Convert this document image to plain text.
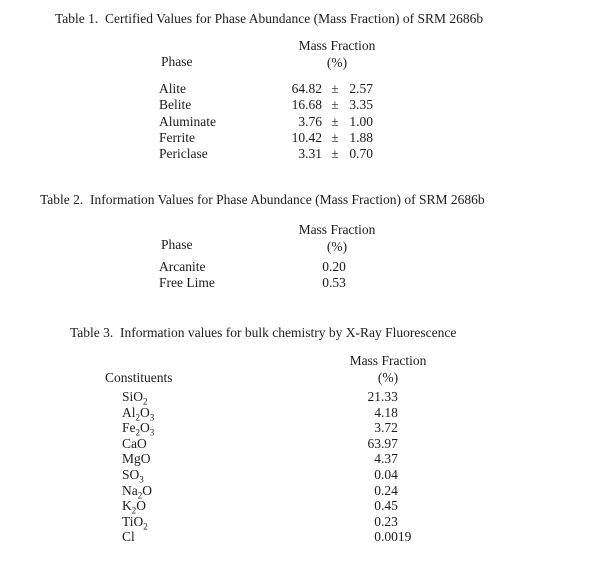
Table 1.  Certified Values for Phase Abundance (Mass Fraction) of SRM 2686b
Mass Fraction
(%)
Phase
Alite
Belite
Aluminate
Ferrite
Periclase
64.82 ± 2.57
16.68 ± 3.35
3.76 ± 1.00
10.42 ± 1.88
3.31 ± 0.70
Table 2.  Information Values for Phase Abundance (Mass Fraction) of SRM 2686b
Mass Fraction
(%)
Phase
Arcanite
Free Lime
0.20
0.53
Table 3.  Information values for bulk chemistry by X-Ray Fluorescence
Mass Fraction
(%)
Constituents
SiO$_2$
$Al_2O_3$
$Fe_2O_3$
CaO
MgO
$SO_3$
$Na_2O$
$K_2O$
TiO$_2$
Cl
21.33
4.18
3.72
63.97
4.37
0.04
0.24
0.45
0.23
0.0019
